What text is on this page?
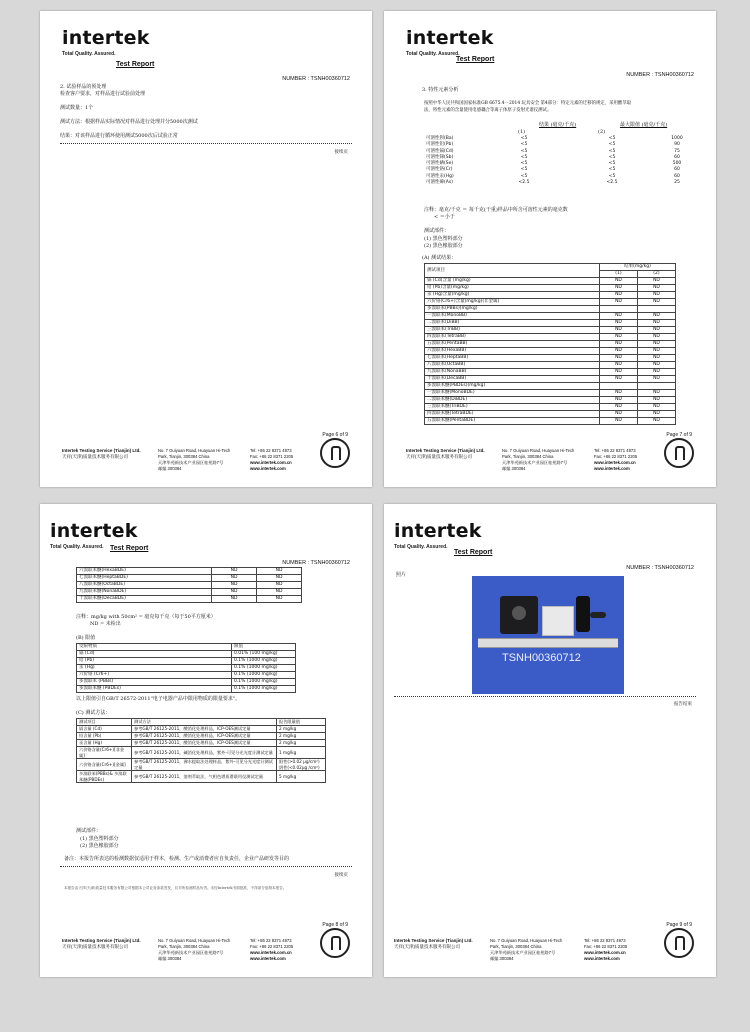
intertek
Total Quality. Assured.
Test Report
NUMBER : TSNH00360712
2. 试验样品的预处理
检查客户要求，对样品进行试验前处理
测试数量：1个
测试方法：根据样品实际情况对样品进行处理并分5000次测试
结果：对该样品进行循环使用测试5000次后试验正常
接续页
Page 6 of 9
Intertek Testing Service (Tianjin) Ltd.
天祥(天津)质量技术服务有限公司
No. 7 Guiyuan Road, Huayuan Hi-Tech
Park, Tianjin, 300384 China
天津华苑新技术产业园区桂苑路7号
邮编 300384
Tel: +86 22 8371 4973
Fax: +86 22 8371 2205
www.intertek.com.cn
www.intertek.com
intertek
Total Quality. Assured.
Test Report
NUMBER : TSNH00360712
3. 特性元素分析
按照中华人民共和国国家标准GB 6675.4－2014 玩具安全 第4部分：特定元素的迁移的规定，采用酸萃取
法，将性元素的含量使用电感耦合等离子体原子发射光谱仪测试。
结果 (毫克/千克)	最大限值 (毫克/千克)
(1)	(2)
可溶性钡(Ba)	<5		<5		1000
可溶性铅(Pb)	<5		<5		90
可溶性镉(Cd)	<5		<5		75
可溶性锑(Sb)	<5		<5		60
可溶性硒(Se)	<5		<5		500
可溶性铬(Cr)	<5		<5		60
可溶性汞(Hg)	<5		<5		60
可溶性砷(As)	<2.5		<2.5		25
注释：毫克/千克 ＝ 每千克(干重)样品中所含可溶性元素的毫克数
< ＝小于
测试部件：
(1) 黑色塑料部分
(2) 黑色橡胶部分
(A) 测试结果：
测试项目	结果(mg/kg)	
	(1)	(2)
镉 (Cd)含量 (mg/kg)	ND	ND
铅 (Pb)含量(mg/kg)	ND	ND
汞 (Hg)含量(mg/kg)	ND	ND
六价铬(Cr6+)含量(mg/kg)(非金属)	ND	ND
多溴联苯(PBBs)(mg/kg)		
一溴联苯(MonoBB)	ND	ND
二溴联苯(DiBB)	ND	ND
三溴联苯(TriBB)	ND	ND
四溴联苯(TetraBB)	ND	ND
五溴联苯(PentaBB)	ND	ND
六溴联苯(HexaBB)	ND	ND
七溴联苯(HeptaBB)	ND	ND
八溴联苯(OctaBB)	ND	ND
九溴联苯(NonaBB)	ND	ND
十溴联苯(DecaBB)	ND	ND
多溴联苯醚(PBDEs)(mg/kg)		
一溴联苯醚(MonoBDE)	ND	ND
二溴联苯醚(DiBDE)	ND	ND
三溴联苯醚(TriBDE)	ND	ND
四溴联苯醚(TetraBDE)	ND	ND
五溴联苯醚(PentaBDE)	ND	ND
Page 7 of 9
Intertek Testing Service (Tianjin) Ltd.
天祥(天津)质量技术服务有限公司
No. 7 Guiyuan Road, Huayuan Hi-Tech
Park, Tianjin, 300384 China
天津华苑新技术产业园区桂苑路7号
邮编 300384
Tel: +86 22 8371 4973
Fax: +86 22 8371 2205
www.intertek.com.cn
www.intertek.com
intertek
Total Quality. Assured. Test Report
NUMBER : TSNH00360712
六溴联苯醚(HexaBDE)	ND	ND
七溴联苯醚(HeptaBDE)	ND	ND
八溴联苯醚(OctaBDE)	ND	ND
九溴联苯醚(NonaBDE)	ND	ND
十溴联苯醚(DecaBDE)	ND	ND
注释：mg/kg with 50cm² = 毫克每千克（每于50平方厘米）
ND = 未检出
(B) 限值
受限物质	限值
镉 (Cd)	0.01% (100 mg/kg)
铅 (Pb)	0.1% (1000 mg/kg)
汞 (Hg)	0.1% (1000 mg/kg)
六价铬 (Cr6+)	0.1% (1000 mg/kg)
多溴联苯 (PBBs)	0.1% (1000 mg/kg)
多溴联苯醚 (PBDEs)	0.1% (1000 mg/kg)
以上限值引自GB/T 26572-2011"电子电器产品中限用物质的限量要求"。
(C) 测试方法：
测试项目	测试方法	报告限量值
镉含量 (Cd)	参考GB/T 26125-2011，酸消化处理样品，ICP-OES测试定量	2 mg/kg
铅含量 (Pb)	参考GB/T 26125-2011，酸消化处理样品，ICP-OES测试定量	2 mg/kg
汞含量 (Hg)	参考GB/T 26125-2011，酸消化处理样品，ICP-OES测试定量	2 mg/kg
六价铬含量(Cr6+)[非金属]	参考GB/T 26125-2011，碱消化处理样品，紫外-可见分光光度计测试定量	1 mg/kg
六价铬含量(Cr6+)[金属]	参考GB/T 26125-2011，沸水提取法处理样品，紫外-可见分光光度计测试定量	阳性(>0.02 μg/cm²) 阴性(<0.02μg /cm²)
多溴联苯(PBBs)& 多溴联苯醚(PBDEs)	参考GB/T 26125-2011，溶剂萃取法，气相色谱质谱联用仪测试定量	5 mg/kg
测试部件：
(1) 黑色塑料部分
(2) 黑色橡胶部分
备注：本报告所表达的检测数据仅适用于样本，检测、生产或消费者应自负责任，企业产品研发等目的
接续页
本报告由天祥(天津)质量技术服务有限公司根据本公司业务条款签发，仅对所检测样品负责。未经Intertek书面批准，不得部分复制本报告。
Page 8 of 9
Intertek Testing Service (Tianjin) Ltd.
天祥(天津)质量技术服务有限公司
No. 7 Guiyuan Road, Huayuan Hi-Tech
Park, Tianjin, 300384 China
天津华苑新技术产业园区桂苑路7号
邮编 300384
Tel: +86 22 8371 4973
Fax: +86 22 8371 2205
www.intertek.com.cn
www.intertek.com
intertek
Total Quality. Assured.
Test Report
NUMBER : TSNH00360712
照片
TSNH00360712
报告结束
Page 9 of 9
Intertek Testing Service (Tianjin) Ltd.
天祥(天津)质量技术服务有限公司
No. 7 Guiyuan Road, Huayuan Hi-Tech
Park, Tianjin, 300384 China
天津华苑新技术产业园区桂苑路7号
邮编 300384
Tel: +86 22 8371 4973
Fax: +86 22 8371 2205
www.intertek.com.cn
www.intertek.com
